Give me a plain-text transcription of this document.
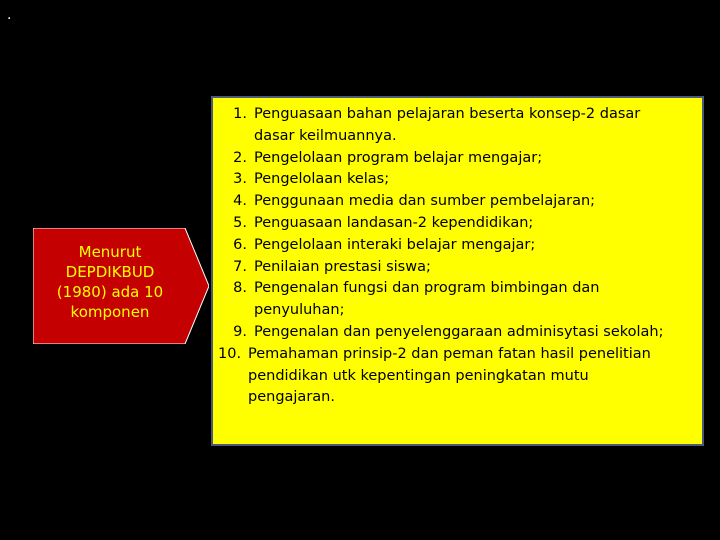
.
Menurut
DEPDIKBUD
(1980) ada 10
komponen
1. Penguasaan bahan pelajaran beserta konsep-2 dasar
dasar keilmuannya.
2. Pengelolaan program belajar mengajar;
3. Pengelolaan kelas;
4. Penggunaan media dan sumber pembelajaran;
5. Penguasaan landasan-2 kependidikan;
6. Pengelolaan interaki belajar mengajar;
7. Penilaian prestasi siswa;
8. Pengenalan fungsi dan program bimbingan dan
penyuluhan;
9. Pengenalan dan penyelenggaraan adminisytasi sekolah;
10. Pemahaman prinsip-2 dan peman fatan hasil penelitian
pendidikan utk kepentingan peningkatan mutu
pengajaran.
